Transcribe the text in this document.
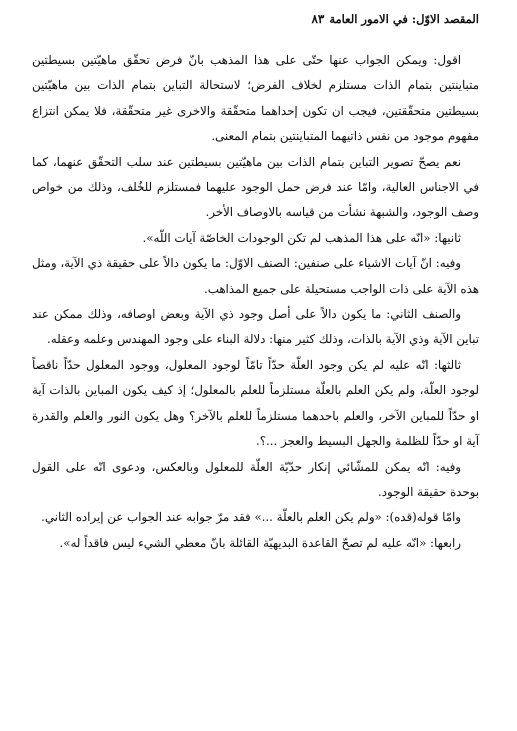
المقصد الاوّل: في الامور العامة
٨٣

اقول: ويمكن الجواب عنها حتّى على هذا المذهب بانّ فرض تحقّق ماهيّتين بسيطتين متباينتين بتمام الذات مستلزم لخلاف الفرض؛ لاستحالة التباين بتمام الذات بين ماهيّتين بسيطتين متحقّقتين، فيجب ان تكون إحداهما متحقّقة والاخرى غير متحقّقة، فلا يمكن انتزاع مفهوم موجود من نفس ذاتيهما المتباينتين بتمام المعنى.

نعم يصحّ تصوير التباين بتمام الذات بين ماهيّتين بسيطتين عند سلب التحقّق عنهما، كما في الاجناس العالية، وامّا عند فرض حمل الوجود عليهما فمستلزم للخُلف، وذلك من خواص وصف الوجود، والشبهة نشأت من قياسه بالاوصاف الأخر.

ثانيها: «انّه على هذا المذهب لم تكن الوجودات الخاصّة آيات اللّه».

وفيه: انّ آيات الاشياء على صنفين: الصنف الاوّل: ما يكون دالاً على حقيقة ذي الآية، ومثل هذه الآية على ذات الواجب مستحيلة على جميع المذاهب.

والصنف الثاني: ما يكون دالاً على أصل وجود ذي الآية وبعض اوصافه، وذلك ممكن عند تباين الآية وذي الآية بالذات، وذلك كثير منها: دلالة البناء على وجود المهندس وعلمه وعقله.

ثالثها: انّه عليه لم يكن وجود العلّة حدّاً تامّاً لوجود المعلول، ووجود المعلول حدّاً ناقصاً لوجود العلّة، ولم يكن العلم بالعلّة مستلزماً للعلم بالمعلول؛ إذ كيف يكون المباين بالذات آية او حدّاً للمباين الآخر، والعلم باحدهما مستلزماً للعلم بالآخر؟ وهل يكون النور والعلم والقدرة آية او حدّاً للظلمة والجهل البسيط والعجز ...؟.

وفيه: انّه يمكن للمشّائي إنكار حدّيّة العلّة للمعلول وبالعكس، ودعوى انّه على القول بوحدة حقيقة الوجود.

وامّا قوله(قده): «ولم يكن العلم بالعلّة ...» فقد مرّ جوابه عند الجواب عن إيراده الثاني.

رابعها: «انّه عليه لم تصحّ القاعدة البديهيّة القائلة بانّ معطي الشيء ليس فاقداً له».
